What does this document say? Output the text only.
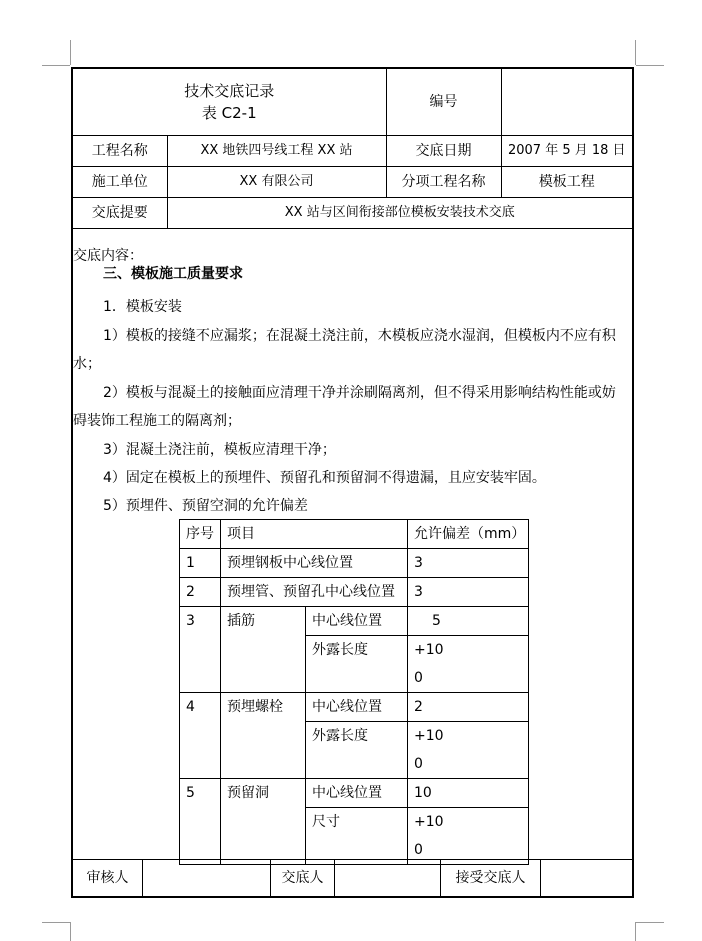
技术交底记录
表 C2-1		编号	
工程名称	XX 地铁四号线工程 XX 站	交底日期	2007 年 5 月 18 日
施工单位	XX 有限公司	分项工程名称	模板工程
交底提要	XX 站与区间衔接部位模板安装技术交底		
交底内容：
三、模板施工质量要求
1．模板安装
1）模板的接缝不应漏浆；在混凝土浇注前，木模板应浇水湿润，但模板内不应有积
水；
2）模板与混凝土的接触面应清理干净并涂刷隔离剂，但不得采用影响结构性能或妨
碍装饰工程施工的隔离剂；
3）混凝土浇注前，模板应清理干净；
4）固定在模板上的预埋件、预留孔和预留洞不得遗漏，且应安装牢固。
5）预埋件、预留空洞的允许偏差
序号	项目		允许偏差（mm）
1	预埋钢板中心线位置		3
2	预埋管、预留孔中心线位置		3
3	插筋	中心线位置	5
		外露长度	+10
0

4	预埋螺栓	中心线位置	2
		外露长度	+10
0

5	预留洞	中心线位置	10
		尺寸	+10
0
审核人	交底人	接受交底人
